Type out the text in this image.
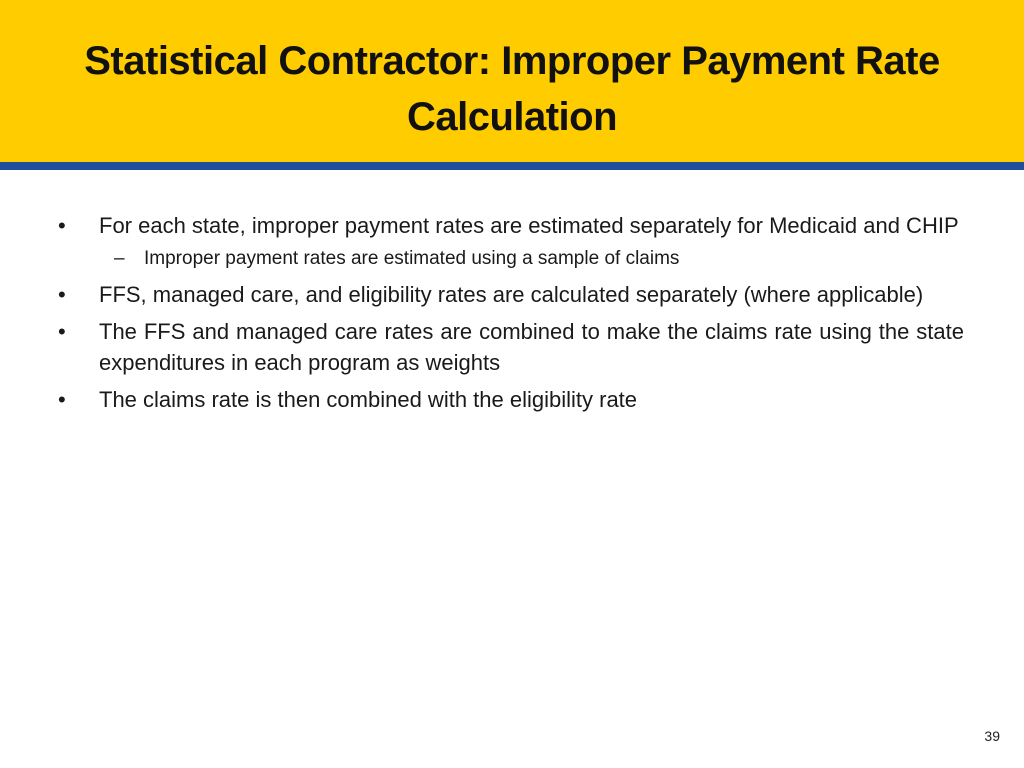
Statistical Contractor: Improper Payment Rate Calculation
•	For each state, improper payment rates are estimated separately for Medicaid and CHIP
– Improper payment rates are estimated using a sample of claims
•	FFS, managed care, and eligibility rates are calculated separately (where applicable)
•	The FFS and managed care rates are combined to make the claims rate using the state expenditures in each program as weights
•	The claims rate is then combined with the eligibility rate
39
